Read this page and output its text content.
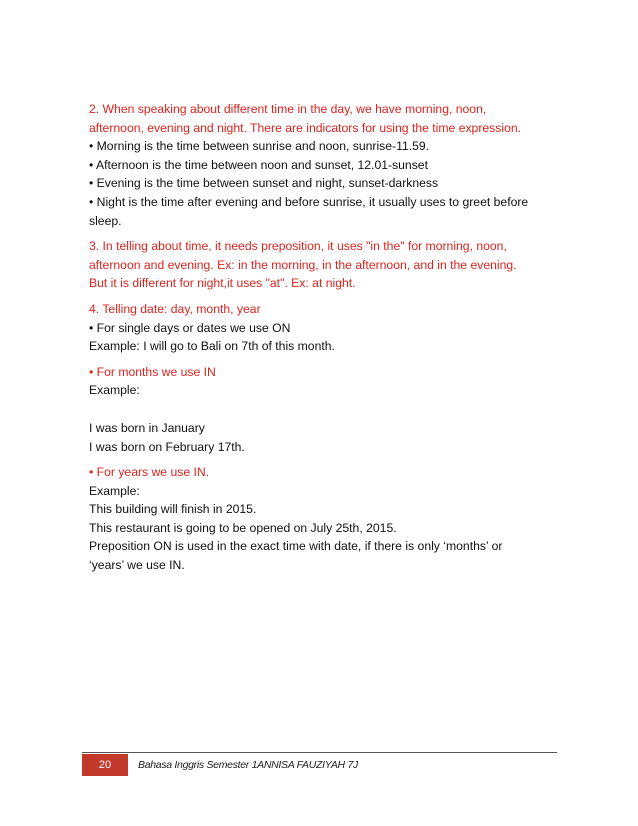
2. When speaking about different time in the day, we have morning, noon,
afternoon, evening and night. There are indicators for using the time expression.
• Morning is the time between sunrise and noon, sunrise-11.59.
• Afternoon is the time between noon and sunset, 12.01-sunset
• Evening is the time between sunset and night, sunset-darkness
• Night is the time after evening and before sunrise, it usually uses to greet before
sleep.
3. In telling about time, it needs preposition, it uses "in the" for morning, noon,
afternoon and evening. Ex: in the morning, in the afternoon, and in the evening.
But it is different for night,it uses "at". Ex: at night.
4. Telling date: day, month, year
• For single days or dates we use ON
Example: I will go to Bali on 7th of this month.
• For months we use IN
Example:
I was born in January
I was born on February 17th.
• For years we use IN.
Example:
This building will finish in 2015.
This restaurant is going to be opened on July 25th, 2015.
Preposition ON is used in the exact time with date, if there is only ‘months’ or
‘years’ we use IN.
20	Bahasa Inggris Semester 1ANNISA FAUZIYAH 7J
